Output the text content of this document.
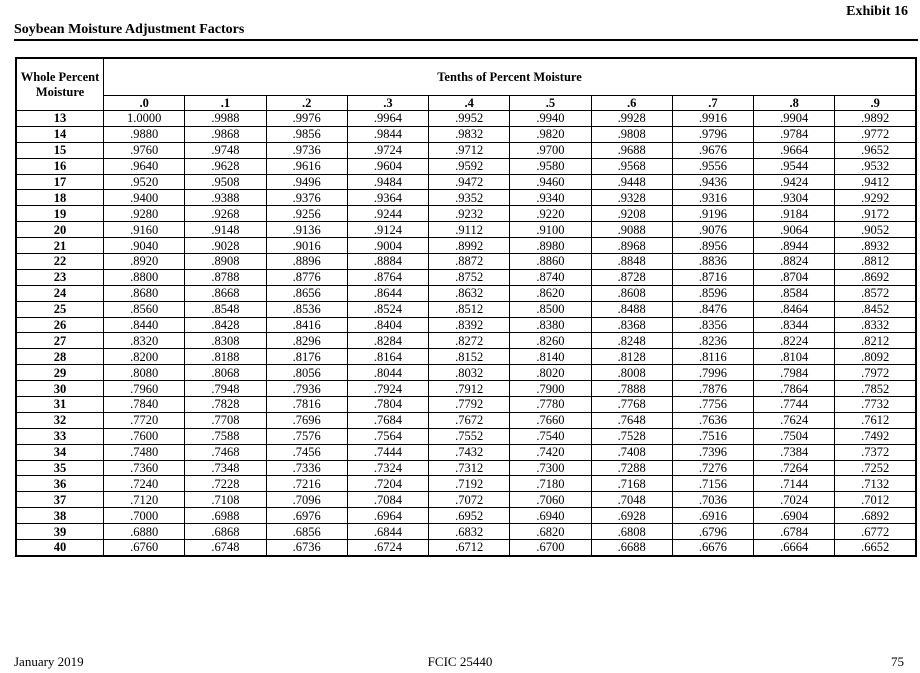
Exhibit 16
Soybean Moisture Adjustment Factors
Whole Percent Moisture	Tenths of Percent Moisture									
	.0	.1	.2	.3	.4	.5	.6	.7	.8	.9
13	1.0000	.9988	.9976	.9964	.9952	.9940	.9928	.9916	.9904	.9892
14	.9880	.9868	.9856	.9844	.9832	.9820	.9808	.9796	.9784	.9772
15	.9760	.9748	.9736	.9724	.9712	.9700	.9688	.9676	.9664	.9652
16	.9640	.9628	.9616	.9604	.9592	.9580	.9568	.9556	.9544	.9532
17	.9520	.9508	.9496	.9484	.9472	.9460	.9448	.9436	.9424	.9412
18	.9400	.9388	.9376	.9364	.9352	.9340	.9328	.9316	.9304	.9292
19	.9280	.9268	.9256	.9244	.9232	.9220	.9208	.9196	.9184	.9172
20	.9160	.9148	.9136	.9124	.9112	.9100	.9088	.9076	.9064	.9052
21	.9040	.9028	.9016	.9004	.8992	.8980	.8968	.8956	.8944	.8932
22	.8920	.8908	.8896	.8884	.8872	.8860	.8848	.8836	.8824	.8812
23	.8800	.8788	.8776	.8764	.8752	.8740	.8728	.8716	.8704	.8692
24	.8680	.8668	.8656	.8644	.8632	.8620	.8608	.8596	.8584	.8572
25	.8560	.8548	.8536	.8524	.8512	.8500	.8488	.8476	.8464	.8452
26	.8440	.8428	.8416	.8404	.8392	.8380	.8368	.8356	.8344	.8332
27	.8320	.8308	.8296	.8284	.8272	.8260	.8248	.8236	.8224	.8212
28	.8200	.8188	.8176	.8164	.8152	.8140	.8128	.8116	.8104	.8092
29	.8080	.8068	.8056	.8044	.8032	.8020	.8008	.7996	.7984	.7972
30	.7960	.7948	.7936	.7924	.7912	.7900	.7888	.7876	.7864	.7852
31	.7840	.7828	.7816	.7804	.7792	.7780	.7768	.7756	.7744	.7732
32	.7720	.7708	.7696	.7684	.7672	.7660	.7648	.7636	.7624	.7612
33	.7600	.7588	.7576	.7564	.7552	.7540	.7528	.7516	.7504	.7492
34	.7480	.7468	.7456	.7444	.7432	.7420	.7408	.7396	.7384	.7372
35	.7360	.7348	.7336	.7324	.7312	.7300	.7288	.7276	.7264	.7252
36	.7240	.7228	.7216	.7204	.7192	.7180	.7168	.7156	.7144	.7132
37	.7120	.7108	.7096	.7084	.7072	.7060	.7048	.7036	.7024	.7012
38	.7000	.6988	.6976	.6964	.6952	.6940	.6928	.6916	.6904	.6892
39	.6880	.6868	.6856	.6844	.6832	.6820	.6808	.6796	.6784	.6772
40	.6760	.6748	.6736	.6724	.6712	.6700	.6688	.6676	.6664	.6652
January 2019	FCIC 25440	75
